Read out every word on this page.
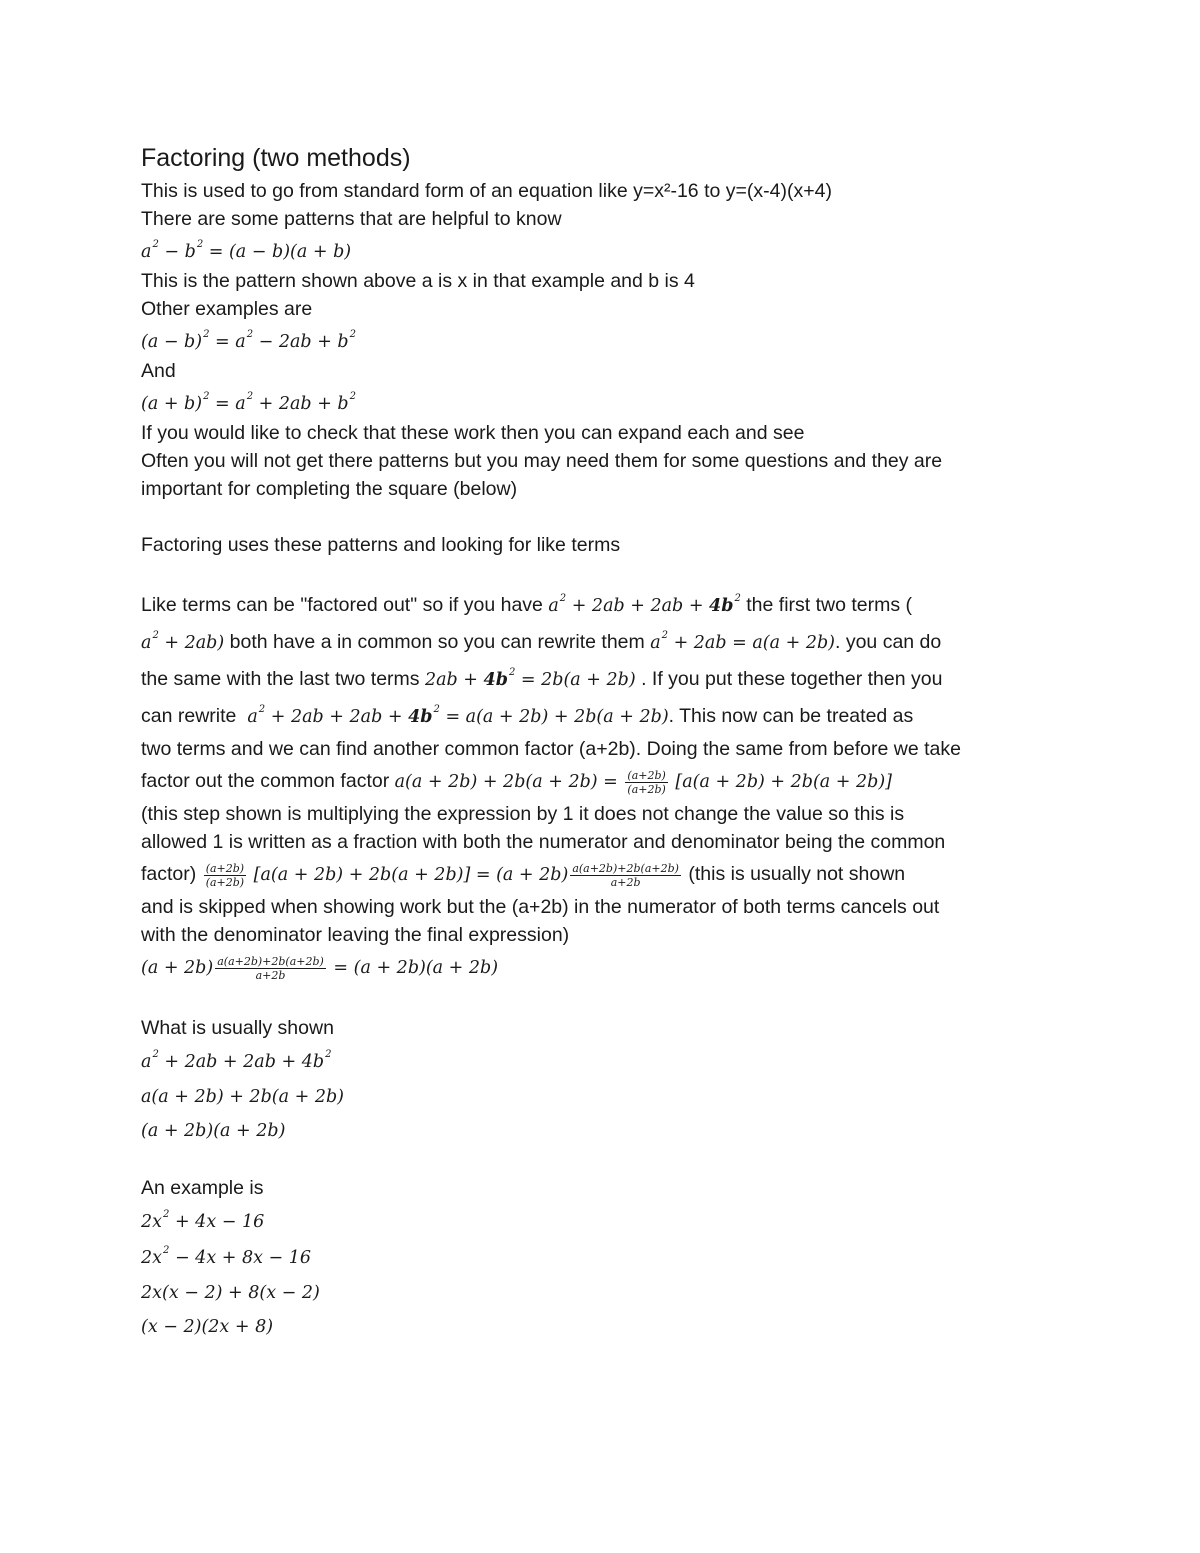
Factoring (two methods)
This is used to go from standard form of an equation like y=x²-16 to y=(x-4)(x+4)
There are some patterns that are helpful to know
$a^2 - b^2 = (a - b)(a + b)$
This is the pattern shown above a is x in that example and b is 4
Other examples are
$(a - b)^2 = a^2 - 2ab + b^2$
And
$(a + b)^2 = a^2 + 2ab + b^2$
If you would like to check that these work then you can expand each and see
Often you will not get there patterns but you may need them for some questions and they are
important for completing the square (below)
Factoring uses these patterns and looking for like terms
Like terms can be "factored out" so if you have $a^2 + 2ab + 2ab + 4b^2$ the first two terms (
$a^2 + 2ab$) both have a in common so you can rewrite them $a^2 + 2ab = a(a + 2b)$. you can do
the same with the last two terms $2ab + 4b^2 = 2b(a + 2b)$ . If you put these together then you
can rewrite  $a^2 + 2ab + 2ab + 4b^2 = a(a + 2b) + 2b(a + 2b)$. This now can be treated as
two terms and we can find another common factor (a+2b). Doing the same from before we take
factor out the common factor $a(a + 2b) + 2b(a + 2b) = \frac{(a+2b)}{(a+2b)} [a(a + 2b) + 2b(a + 2b)]$
(this step shown is multiplying the expression by 1 it does not change the value so this is
allowed 1 is written as a fraction with both the numerator and denominator being the common
factor) $\frac{(a+2b)}{(a+2b)} [a(a + 2b) + 2b(a + 2b)] = (a + 2b) \frac{a(a+2b)+2b(a+2b)}{a+2b}$ (this is usually not shown
and is skipped when showing work but the (a+2b) in the numerator of both terms cancels out
with the denominator leaving the final expression)
$(a + 2b) \frac{a(a+2b)+2b(a+2b)}{a+2b} = (a + 2b)(a + 2b)$
What is usually shown
$a^2 + 2ab + 2ab + 4b^2$
a(a + 2b) + 2b(a + 2b)
(a + 2b)(a + 2b)
An example is
$2x^2 + 4x - 16$
$2x^2 - 4x + 8x - 16$
2x(x − 2) + 8(x − 2)
(x − 2)(2x + 8)
